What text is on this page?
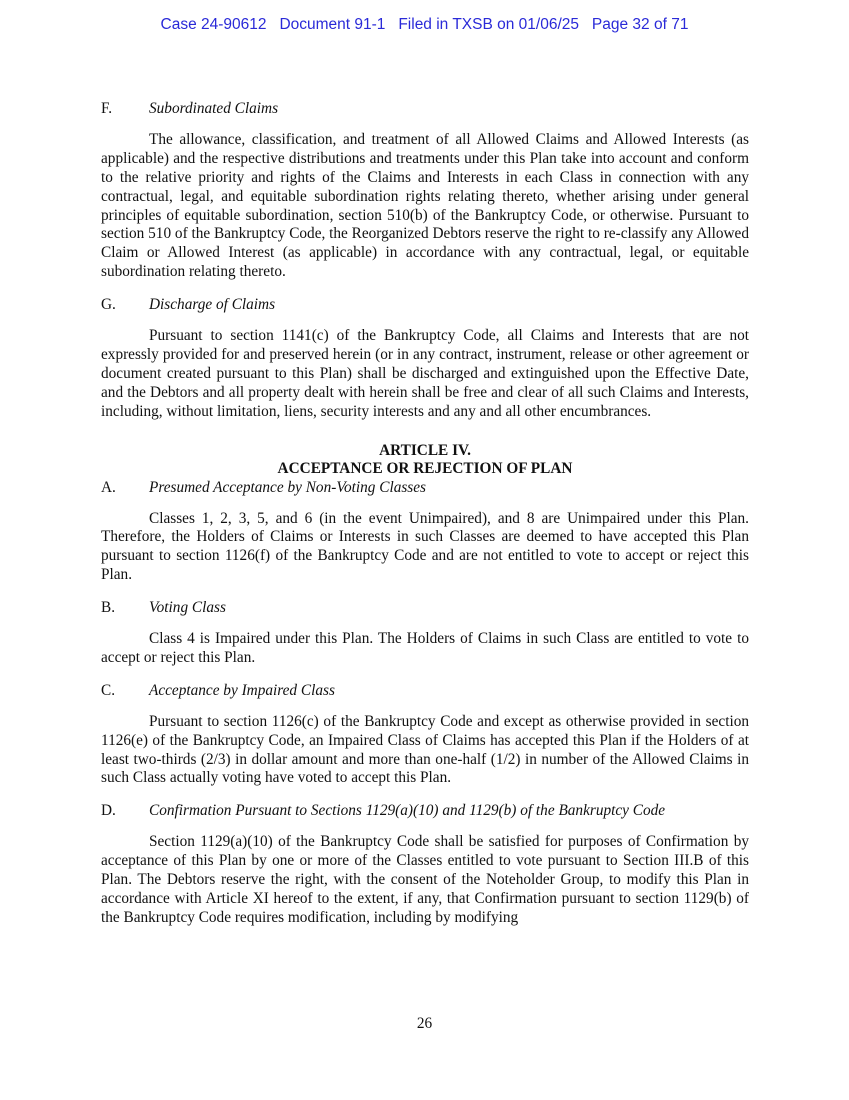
Case 24-90612   Document 91-1   Filed in TXSB on 01/06/25   Page 32 of 71
F.	Subordinated Claims

The allowance, classification, and treatment of all Allowed Claims and Allowed Interests (as applicable) and the respective distributions and treatments under this Plan take into account and conform to the relative priority and rights of the Claims and Interests in each Class in connection with any contractual, legal, and equitable subordination rights relating thereto, whether arising under general principles of equitable subordination, section 510(b) of the Bankruptcy Code, or otherwise. Pursuant to section 510 of the Bankruptcy Code, the Reorganized Debtors reserve the right to re-classify any Allowed Claim or Allowed Interest (as applicable) in accordance with any contractual, legal, or equitable subordination relating thereto.

G.	Discharge of Claims

Pursuant to section 1141(c) of the Bankruptcy Code, all Claims and Interests that are not expressly provided for and preserved herein (or in any contract, instrument, release or other agreement or document created pursuant to this Plan) shall be discharged and extinguished upon the Effective Date, and the Debtors and all property dealt with herein shall be free and clear of all such Claims and Interests, including, without limitation, liens, security interests and any and all other encumbrances.

ARTICLE IV.
ACCEPTANCE OR REJECTION OF PLAN
A.	Presumed Acceptance by Non-Voting Classes

Classes 1, 2, 3, 5, and 6 (in the event Unimpaired), and 8 are Unimpaired under this Plan. Therefore, the Holders of Claims or Interests in such Classes are deemed to have accepted this Plan pursuant to section 1126(f) of the Bankruptcy Code and are not entitled to vote to accept or reject this Plan.

B.	Voting Class

Class 4 is Impaired under this Plan. The Holders of Claims in such Class are entitled to vote to accept or reject this Plan.

C.	Acceptance by Impaired Class

Pursuant to section 1126(c) of the Bankruptcy Code and except as otherwise provided in section 1126(e) of the Bankruptcy Code, an Impaired Class of Claims has accepted this Plan if the Holders of at least two-thirds (2/3) in dollar amount and more than one-half (1/2) in number of the Allowed Claims in such Class actually voting have voted to accept this Plan.

D.	Confirmation Pursuant to Sections 1129(a)(10) and 1129(b) of the Bankruptcy Code

Section 1129(a)(10) of the Bankruptcy Code shall be satisfied for purposes of Confirmation by acceptance of this Plan by one or more of the Classes entitled to vote pursuant to Section III.B of this Plan. The Debtors reserve the right, with the consent of the Noteholder Group, to modify this Plan in accordance with Article XI hereof to the extent, if any, that Confirmation pursuant to section 1129(b) of the Bankruptcy Code requires modification, including by modifying

26
